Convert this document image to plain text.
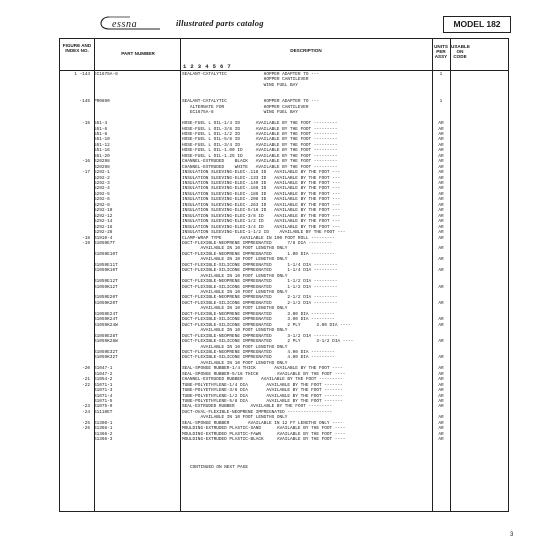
essna	illustrated parts catalog	MODEL 182
FIGURE AND INDEX NO.
PART NUMBER
DESCRIPTION
1 2 3 4 5 6 7
UNITS PER ASSY
USABLE ON CODE
1 -144 EC1675A-8	SEALANT-CATALYTIC              HOPPER ADAPTER TO ---	1
HOPPER CANTILEVER
WING FUEL BAY
-145 PR0890	SEALANT-CATALYTIC              HOPPER ADAPTER TO ---	1
ALTERNATE FOR               HOPPER CANTILEVER
EC1675A-8                   WING FUEL BAY
-15 551-4	HOSE-FUEL L OIL-1/4 ID      AVAILABLE BY THE FOOT ---------	AR
551-6	HOSE-FUEL L OIL-3/8 ID      AVAILABLE BY THE FOOT ---------	AR
551-8	HOSE-FUEL L OIL-1/2 ID      AVAILABLE BY THE FOOT ---------	AR
551-10	HOSE-FUEL L OIL-5/8 ID      AVAILABLE BY THE FOOT ---------	AR
551-12	HOSE-FUEL L OIL-3/4 ID      AVAILABLE BY THE FOOT ---------	AR
551-16	HOSE-FUEL L OIL-1.00 ID     AVAILABLE BY THE FOOT ---------	AR
551-20	HOSE-FUEL L OIL-1.25 ID     AVAILABLE BY THE FOOT ---------	AR
-16 S20298	CHANNEL-EXTRUDED    BLACK   AVAILABLE BY THE FOOT ---------	AR
S20298	CHANNEL-EXTRUDED    WHITE   AVAILABLE BY THE FOOT ---------	AR
-17 5292-1	INSULATION SLEEVING-ELEC-.118 ID   AVAILABLE BY THE FOOT ---	AR
5292-2	INSULATION SLEEVING-ELEC-.133 ID   AVAILABLE BY THE FOOT ---	AR
5292-3	INSULATION SLEEVING-ELEC-.149 ID   AVAILABLE BY THE FOOT ---	AR
5292-4	INSULATION SLEEVING-ELEC-.166 ID   AVAILABLE BY THE FOOT ---	AR
5292-5	INSULATION SLEEVING-ELEC-.186 ID   AVAILABLE BY THE FOOT ---	AR
5292-6	INSULATION SLEEVING-ELEC-.208 ID   AVAILABLE BY THE FOOT ---	AR
5292-8	INSULATION SLEEVING-ELEC-.263 ID   AVAILABLE BY THE FOOT ---	AR
5292-10	INSULATION SLEEVING-ELEC-5/16 ID   AVAILABLE BY THE FOOT ---	AR
5292-12	INSULATION SLEEVING-ELEC-3/8 ID    AVAILABLE BY THE FOOT ---	AR
5292-14	INSULATION SLEEVING-ELEC-1/2 ID    AVAILABLE BY THE FOOT ---	AR
5292-16	INSULATION SLEEVING-ELEC-3/4 ID    AVAILABLE BY THE FOOT ---	AR
5292-28	INSULATION SLEEVING-ELEC-1-1/2 ID    AVAILABLE BY THE FOOT ---	AR
-18 S1910-4	CLAMP-WRAP TYPE       AVAILABLE IN 100 FOOT ROLL ---------	AR
-19 S1059E7T	DUCT-FLEXIBLE-NEOPRENE IMPREGNATED      7/8 DIA ---------
AVAILABLE IN 10 FOOT LENGTHS ONLY	AR
S1059E10T	DUCT-FLEXIBLE-NEOPRENE IMPREGNATED      1.00 DIA ---------
AVAILABLE IN 10 FOOT LENGTHS ONLY	AR
S1059E11T	DUCT-FLEXIBLE-SILICONE IMPREGNATED      1-1/4 DIA ---------
S1059K10T	DUCT-FLEXIBLE-SILICONE IMPREGNATED      1-1/4 DIA ---------	AR
AVAILABLE IN 10 FOOT LENGTHS ONLY
S1059E12T	DUCT-FLEXIBLE-NEOPRENE IMPREGNATED      1-1/2 DIA ---------
S1059K12T	DUCT-FLEXIBLE-SILICONE IMPREGNATED      1-1/2 DIA ---------	AR
AVAILABLE IN 10 FOOT LENGTHS ONLY
S1059E20T	DUCT-FLEXIBLE-NEOPRENE IMPREGNATED      2-1/2 DIA ---------
S1059K20T	DUCT-FLEXIBLE-SILICONE IMPREGNATED      2-1/2 DIA ---------	AR
AVAILABLE IN 10 FOOT LENGTHS ONLY
S1059E24T	DUCT-FLEXIBLE-NEOPRENE IMPREGNATED      3.00 DIA ---------
S1059K24T	DUCT-FLEXIBLE-SILICONE IMPREGNATED      3.00 DIA ---------	AR
S1059K24W	DUCT-FLEXIBLE-SILICONE IMPREGNATED      2 PLY      3.00 DIA ----	AR
AVAILABLE IN 10 FOOT LENGTHS ONLY
S1059E28T	DUCT-FLEXIBLE-NEOPRENE IMPREGNATED      3-1/2 DIA ---------
S1059K28W	DUCT-FLEXIBLE-SILICONE IMPREGNATED      2 PLY      3-1/2 DIA ----	AR
AVAILABLE IN 10 FOOT LENGTHS ONLY
S1059E32T	DUCT-FLEXIBLE-NEOPRENE IMPREGNATED      4.00 DIA ---------
S1059K32T	DUCT-FLEXIBLE-SILICONE IMPREGNATED      4.00 DIA ---------	AR
AVAILABLE IN 10 FOOT LENGTHS ONLY
-20 S1047-1	SEAL-SPONGE RUBBER-1/4 THICK       AVAILABLE BY THE FOOT ----	AR
S1047-2	SEAL-SPONGE RUBBER-5/16 THICK       AVAILABLE BY THE FOOT ----	AR
-21 S1054-2	CHANNEL-EXTRUDED RUBBER       AVAILABLE BY THE FOOT ---------	AR
-22 S1071-1	TUBE-POLYETHYLENE-1/4 DIA       AVAILABLE BY THE FOOT -------	AR
S1071-3	TUBE-POLYETHYLENE-3/8 DIA       AVAILABLE BY THE FOOT -------	AR
S1071-4	TUBE-POLYETHYLENE-1/2 DIA       AVAILABLE BY THE FOOT -------	AR
S1071-5	TUBE-POLYETHYLENE-5/8 DIA       AVAILABLE BY THE FOOT -------	AR
-23 S1075-9	SEAL-EXTRUDED RUBBER      AVAILABLE BY THE FOOT ---------	AR
-24 S1110ET	DUCT-OVAL-FLEXIBLE-NEOPRENE IMPREGNATED -----------------
AVAILABLE IN 10 FOOT LENGTHS ONLY	AR
-25 S1360-1	SEAL-SPONGE RUBBER       AVAILABLE IN 12 FT LENGTHS ONLY ----	AR
-26 S1366-1	MOULDING-EXTRUDED PLASTIC-SAND      AVAILABLE BY THE FOOT ----	AR
S1366-2	MOULDING-EXTRUDED PLASTIC-FAWN      AVAILABLE BY THE FOOT ----	AR
S1366-3	MOULDING-EXTRUDED PLASTIC-BLACK     AVAILABLE BY THE FOOT ----	AR
CONTINUED ON NEXT PAGE
3
